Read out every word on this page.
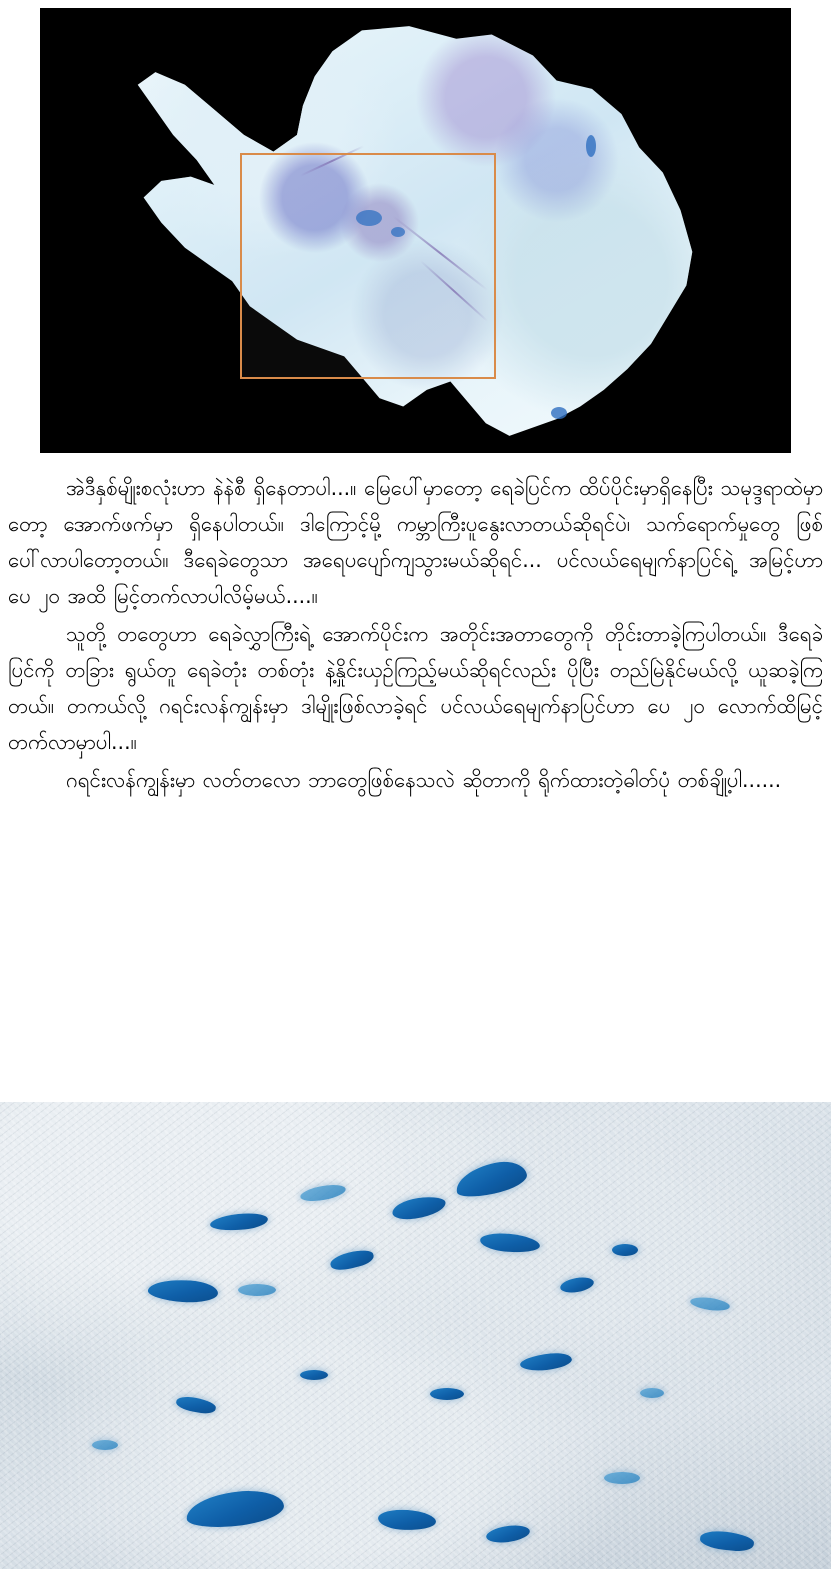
အဲဒီနှစ်မျိုးစလုံးဟာ နဲနဲစီ ရှိနေတာပါ...။ မြေပေါ်မှာတော့ ရေခဲပြင်က ထိပ်ပိုင်းမှာရှိနေပြီး သမုဒ္ဒရာထဲမှာတော့ အောက်ဖက်မှာ ရှိနေပါတယ်။ ဒါကြောင့်မို့ ကမ္ဘာကြီးပူနွေးလာတယ်ဆိုရင်ပဲ၊ သက်ရောက်မှုတွေ ဖြစ်ပေါ်လာပါတော့တယ်။ ဒီရေခဲတွေသာ အရေပပျော်ကျသွားမယ်ဆိုရင်... ပင်လယ်ရေမျက်နာပြင်ရဲ့ အမြင့်ဟာ ပေ ၂၀ အထိ မြင့်တက်လာပါလိမ့်မယ်....။

သူတို့ တတွေဟာ ရေခဲလွှာကြီးရဲ့ အောက်ပိုင်းက အတိုင်းအတာတွေကို တိုင်းတာခဲ့ကြပါတယ်။ ဒီရေခဲပြင်ကို တခြား ရွယ်တူ ရေခဲတုံး တစ်တုံး နဲ့နှိုင်းယှဉ်ကြည့်မယ်ဆိုရင်လည်း ပိုပြီး တည်မြဲနိုင်မယ်လို့ ယူဆခဲ့ကြတယ်။ တကယ်လို့ ဂရင်းလန်ကျွန်းမှာ ဒါမျိုးဖြစ်လာခဲ့ရင် ပင်လယ်ရေမျက်နာပြင်ဟာ ပေ ၂၀ လောက်ထိမြင့်တက်လာမှာပါ...။

ဂရင်းလန်ကျွန်းမှာ လတ်တလော ဘာတွေဖြစ်နေသလဲ ဆိုတာကို ရိုက်ထားတဲ့ဓါတ်ပုံ တစ်ချို့ပါ......
